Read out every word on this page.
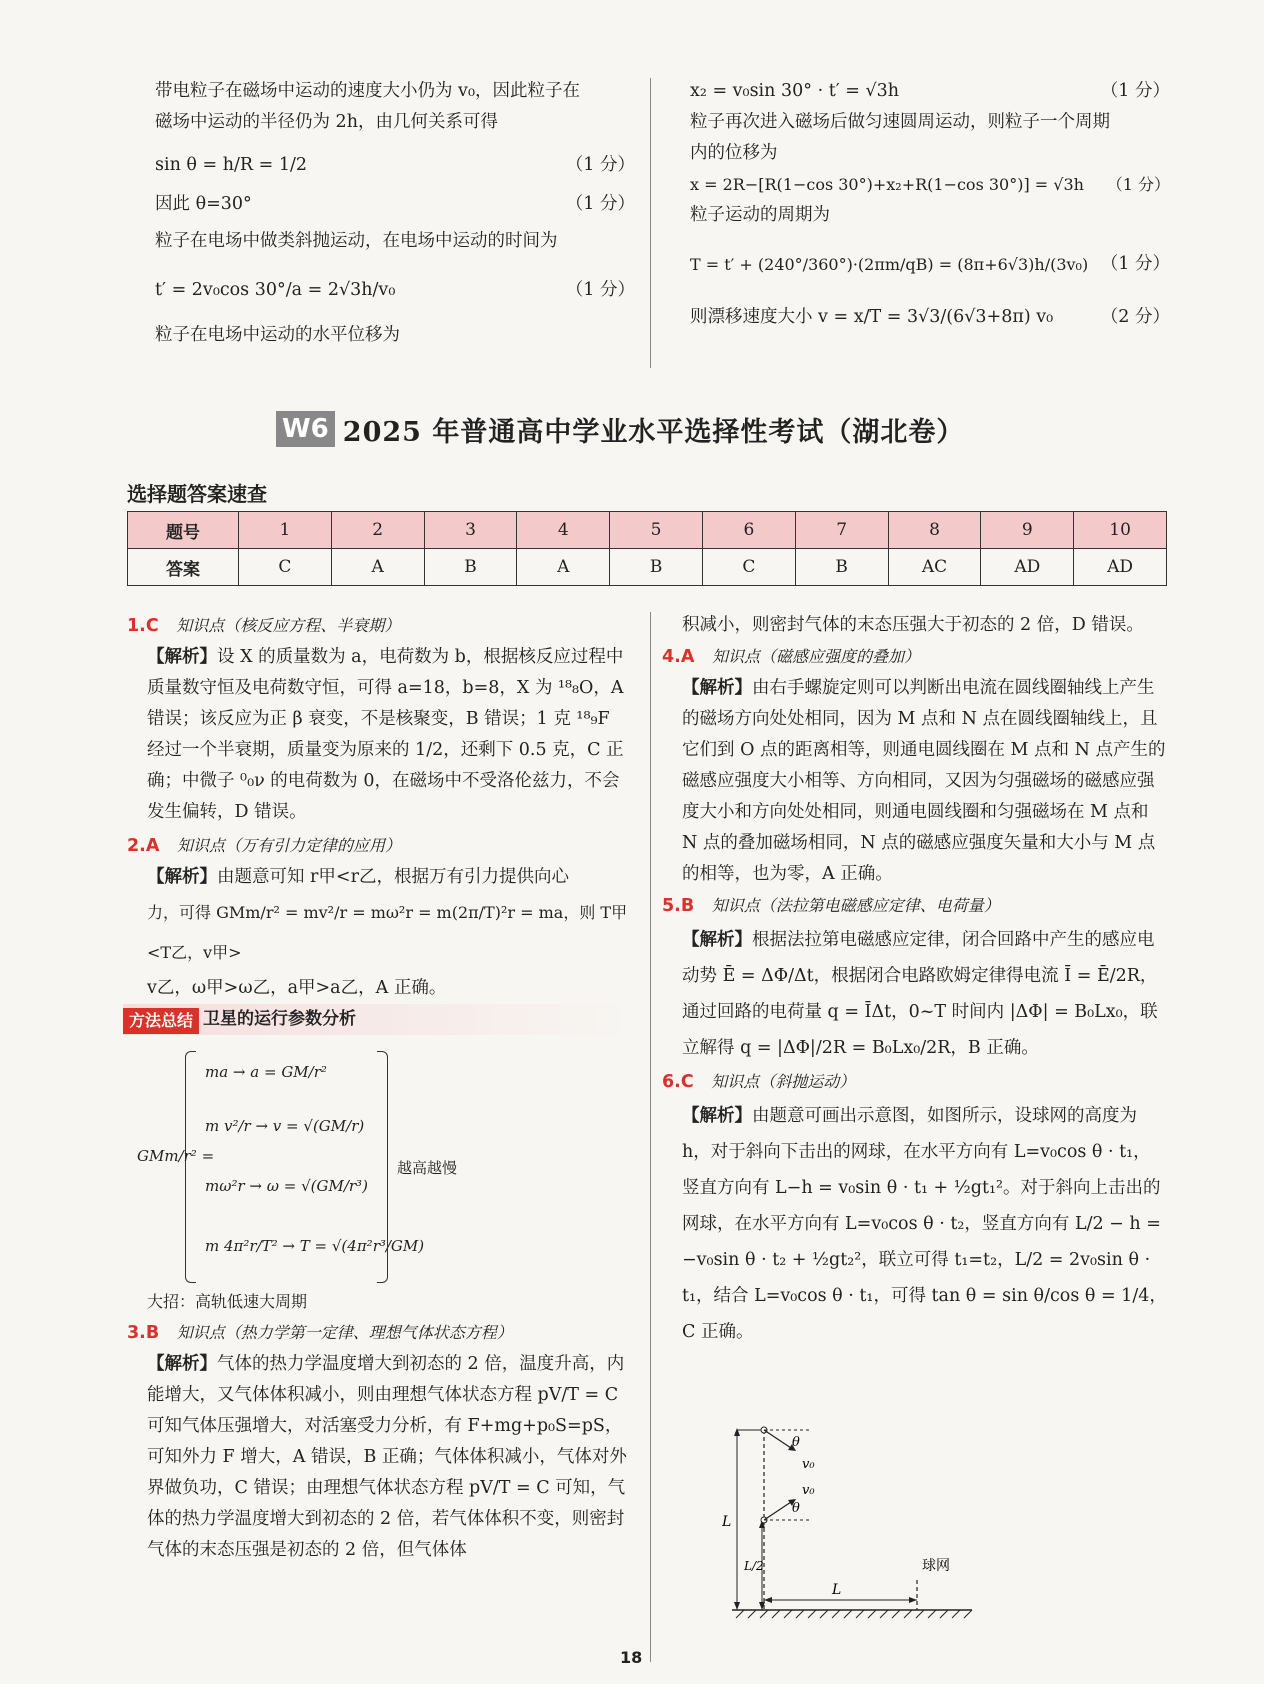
带电粒子在磁场中运动的速度大小仍为 v₀，因此粒子在

磁场中运动的半径仍为 2h，由几何关系可得

sin θ = h/R = 1/2	（1 分）
因此 θ=30°	（1 分）

粒子在电场中做类斜抛运动，在电场中运动的时间为

t′ = 2v₀cos 30°/a = 2√3h/v₀	（1 分）

粒子在电场中运动的水平位移为

x₂ = v₀sin 30° · t′ = √3h	（1 分）

粒子再次进入磁场后做匀速圆周运动，则粒子一个周期

内的位移为

x = 2R−[R(1−cos 30°)+x₂+R(1−cos 30°)] = √3h （1 分）

粒子运动的周期为

T = t′ + (240°/360°)·(2πm/qB) = (8π+6√3)h/(3v₀) （1 分）
则漂移速度大小 v = x/T = 3√3/(6√3+8π) v₀	（2 分）
W6 2025 年普通高中学业水平选择性考试（湖北卷）
选择题答案速查
题号	1	2	3	4	5	6	7	8	9	10
答案	C	A	B	A	B	C	B	AC	AD	AD
1.C 知识点（核反应方程、半衰期）

【解析】设 X 的质量数为 a，电荷数为 b，根据核反应过程中质量数守恒及电荷数守恒，可得 a=18，b=8，X 为 ¹⁸₈O，A 错误；该反应为正 β 衰变，不是核聚变，B 错误；1 克 ¹⁸₉F 经过一个半衰期，质量变为原来的 1/2，还剩下 0.5 克，C 正确；中微子 ⁰₀ν 的电荷数为 0，在磁场中不受洛伦兹力，不会发生偏转，D 错误。

2.A 知识点（万有引力定律的应用）

【解析】由题意可知 r甲<r乙，根据万有引力提供向心

力，可得 GMm/r² = mv²/r = mω²r = m(2π/T)²r = ma，则 T甲<T乙，v甲>

v乙，ω甲>ω乙，a甲>a乙，A 正确。

方法总结 卫星的运行参数分析
GMm/r² =
ma → a = GM/r²
m v²/r → v = √(GM/r)
mω²r → ω = √(GM/r³)
m 4π²r/T² → T = √(4π²r³/GM)
越高越慢

大招：高轨低速大周期

3.B 知识点（热力学第一定律、理想气体状态方程）

【解析】气体的热力学温度增大到初态的 2 倍，温度升高，内能增大，又气体体积减小，则由理想气体状态方程 pV/T = C 可知气体压强增大，对活塞受力分析，有 F+mg+p₀S=pS，可知外力 F 增大，A 错误，B 正确；气体体积减小，气体对外界做负功，C 错误；由理想气体状态方程 pV/T = C 可知，气体的热力学温度增大到初态的 2 倍，若气体体积不变，则密封气体的末态压强是初态的 2 倍，但气体体

积减小，则密封气体的末态压强大于初态的 2 倍，D 错误。

4.A 知识点（磁感应强度的叠加）

【解析】由右手螺旋定则可以判断出电流在圆线圈轴线上产生的磁场方向处处相同，因为 M 点和 N 点在圆线圈轴线上，且它们到 O 点的距离相等，则通电圆线圈在 M 点和 N 点产生的磁感应强度大小相等、方向相同，又因为匀强磁场的磁感应强度大小和方向处处相同，则通电圆线圈和匀强磁场在 M 点和 N 点的叠加磁场相同，N 点的磁感应强度矢量和大小与 M 点的相等，也为零，A 正确。

5.B 知识点（法拉第电磁感应定律、电荷量）

【解析】根据法拉第电磁感应定律，闭合回路中产生的感应电动势 Ē = ΔΦ/Δt，根据闭合电路欧姆定律得电流 Ī = Ē/2R，通过回路的电荷量 q = ĪΔt，0~T 时间内 |ΔΦ| = B₀Lx₀，联立解得 q = |ΔΦ|/2R = B₀Lx₀/2R，B 正确。

6.C 知识点（斜抛运动）

【解析】由题意可画出示意图，如图所示，设球网的高度为 h，对于斜向下击出的网球，在水平方向有 L=v₀cos θ · t₁，竖直方向有 L−h = v₀sin θ · t₁ + ½gt₁²。对于斜向上击出的网球，在水平方向有 L=v₀cos θ · t₂，竖直方向有 L/2 − h = −v₀sin θ · t₂ + ½gt₂²，联立可得 t₁=t₂，L/2 = 2v₀sin θ · t₁，结合 L=v₀cos θ · t₁，可得 tan θ = sin θ/cos θ = 1/4，C 正确。

θ
v₀
θ
v₀
L
L/2
L
球网
18
